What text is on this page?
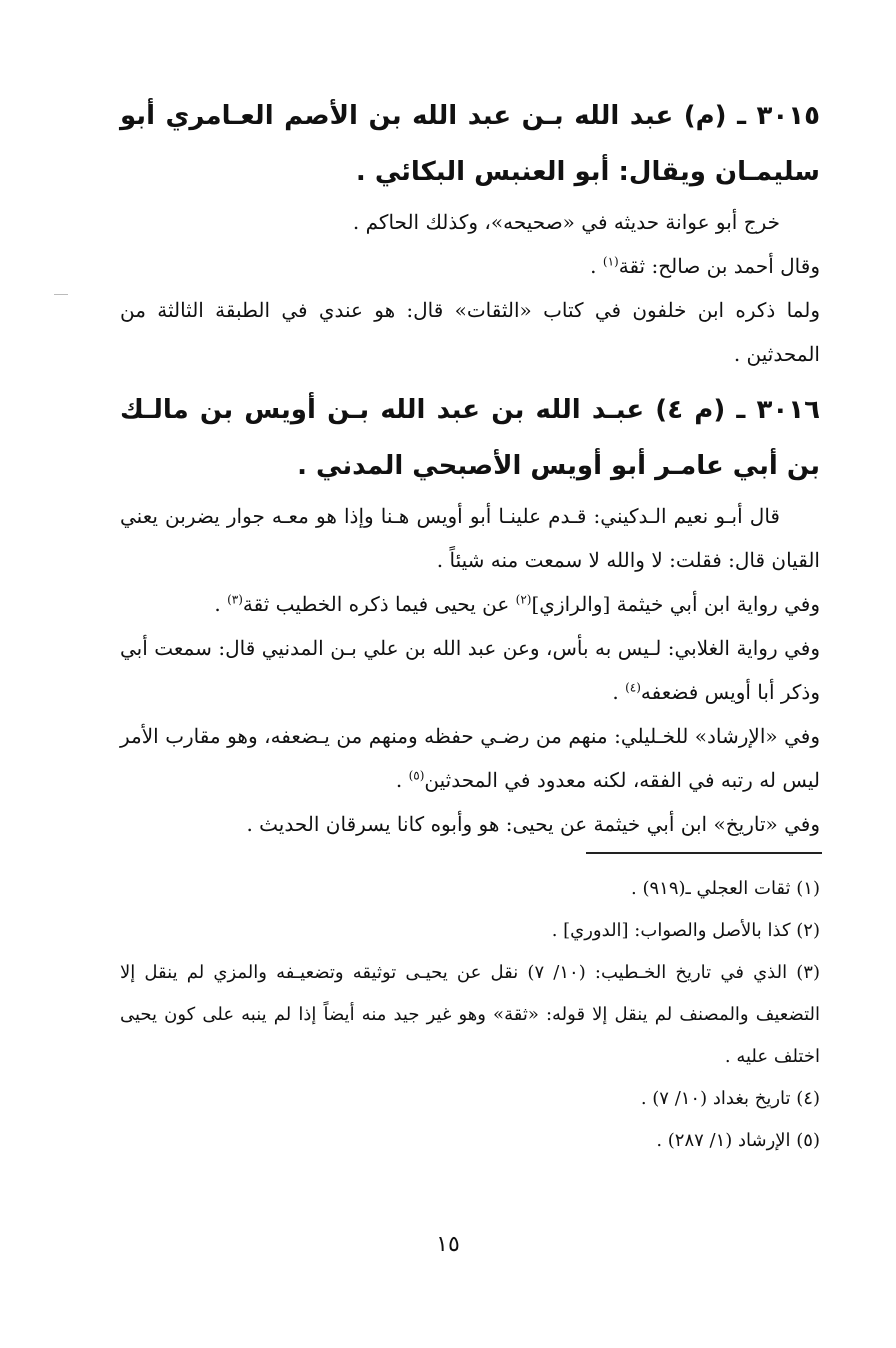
٣٠١٥ ـ (م) عبد الله بـن عبد الله بن الأصم العـامري أبو سليمـان ويقال: أبو العنبس البكائي .

خرج أبو عوانة حديثه في «صحيحه»، وكذلك الحاكم .

وقال أحمد بن صالح: ثقة$^{(١)}$ .

ولما ذكره ابن خلفون في كتاب «الثقات» قال: هو عندي في الطبقة الثالثة من المحدثين .

٣٠١٦ ـ (م ٤) عبـد الله بن عبد الله بـن أويس بن مالـك بن أبي عامـر أبو أويس الأصبحي المدني .

قال أبـو نعيم الـدكيني: قـدم علينـا أبو أويس هـنا وإذا هو معـه جوار يضربن يعني القيان قال: فقلت: لا والله لا سمعت منه شيئاً .

وفي رواية ابن أبي خيثمة [والرازي]$^{(٢)}$ عن يحيى فيما ذكره الخطيب ثقة$^{(٣)}$ .

وفي رواية الغلابي: لـيس به بأس، وعن عبد الله بن علي بـن المدنيي قال: سمعت أبي وذكر أبا أويس فضعفه$^{(٤)}$ .

وفي «الإرشاد» للخـليلي: منهم من رضـي حفظه ومنهم من يـضعفه، وهو مقارب الأمر ليس له رتبه في الفقه، لكنه معدود في المحدثين$^{(٥)}$ .

وفي «تاريخ» ابن أبي خيثمة عن يحيى: هو وأبوه كانا يسرقان الحديث .

(١) ثقات العجلي ـ(٩١٩) .

(٢) كذا بالأصل والصواب: [الدوري] .

(٣) الذي في تاريخ الخـطيب: (١٠/ ٧) نقل عن يحيـى توثيقه وتضعيـفه والمزي لم ينقل إلا التضعيف والمصنف لم ينقل إلا قوله: «ثقة» وهو غير جيد منه أيضاً إذا لم ينبه على كون يحيى اختلف عليه .

(٤) تاريخ بغداد (١٠/ ٧) .

(٥) الإرشاد (١/ ٢٨٧) .

١٥
